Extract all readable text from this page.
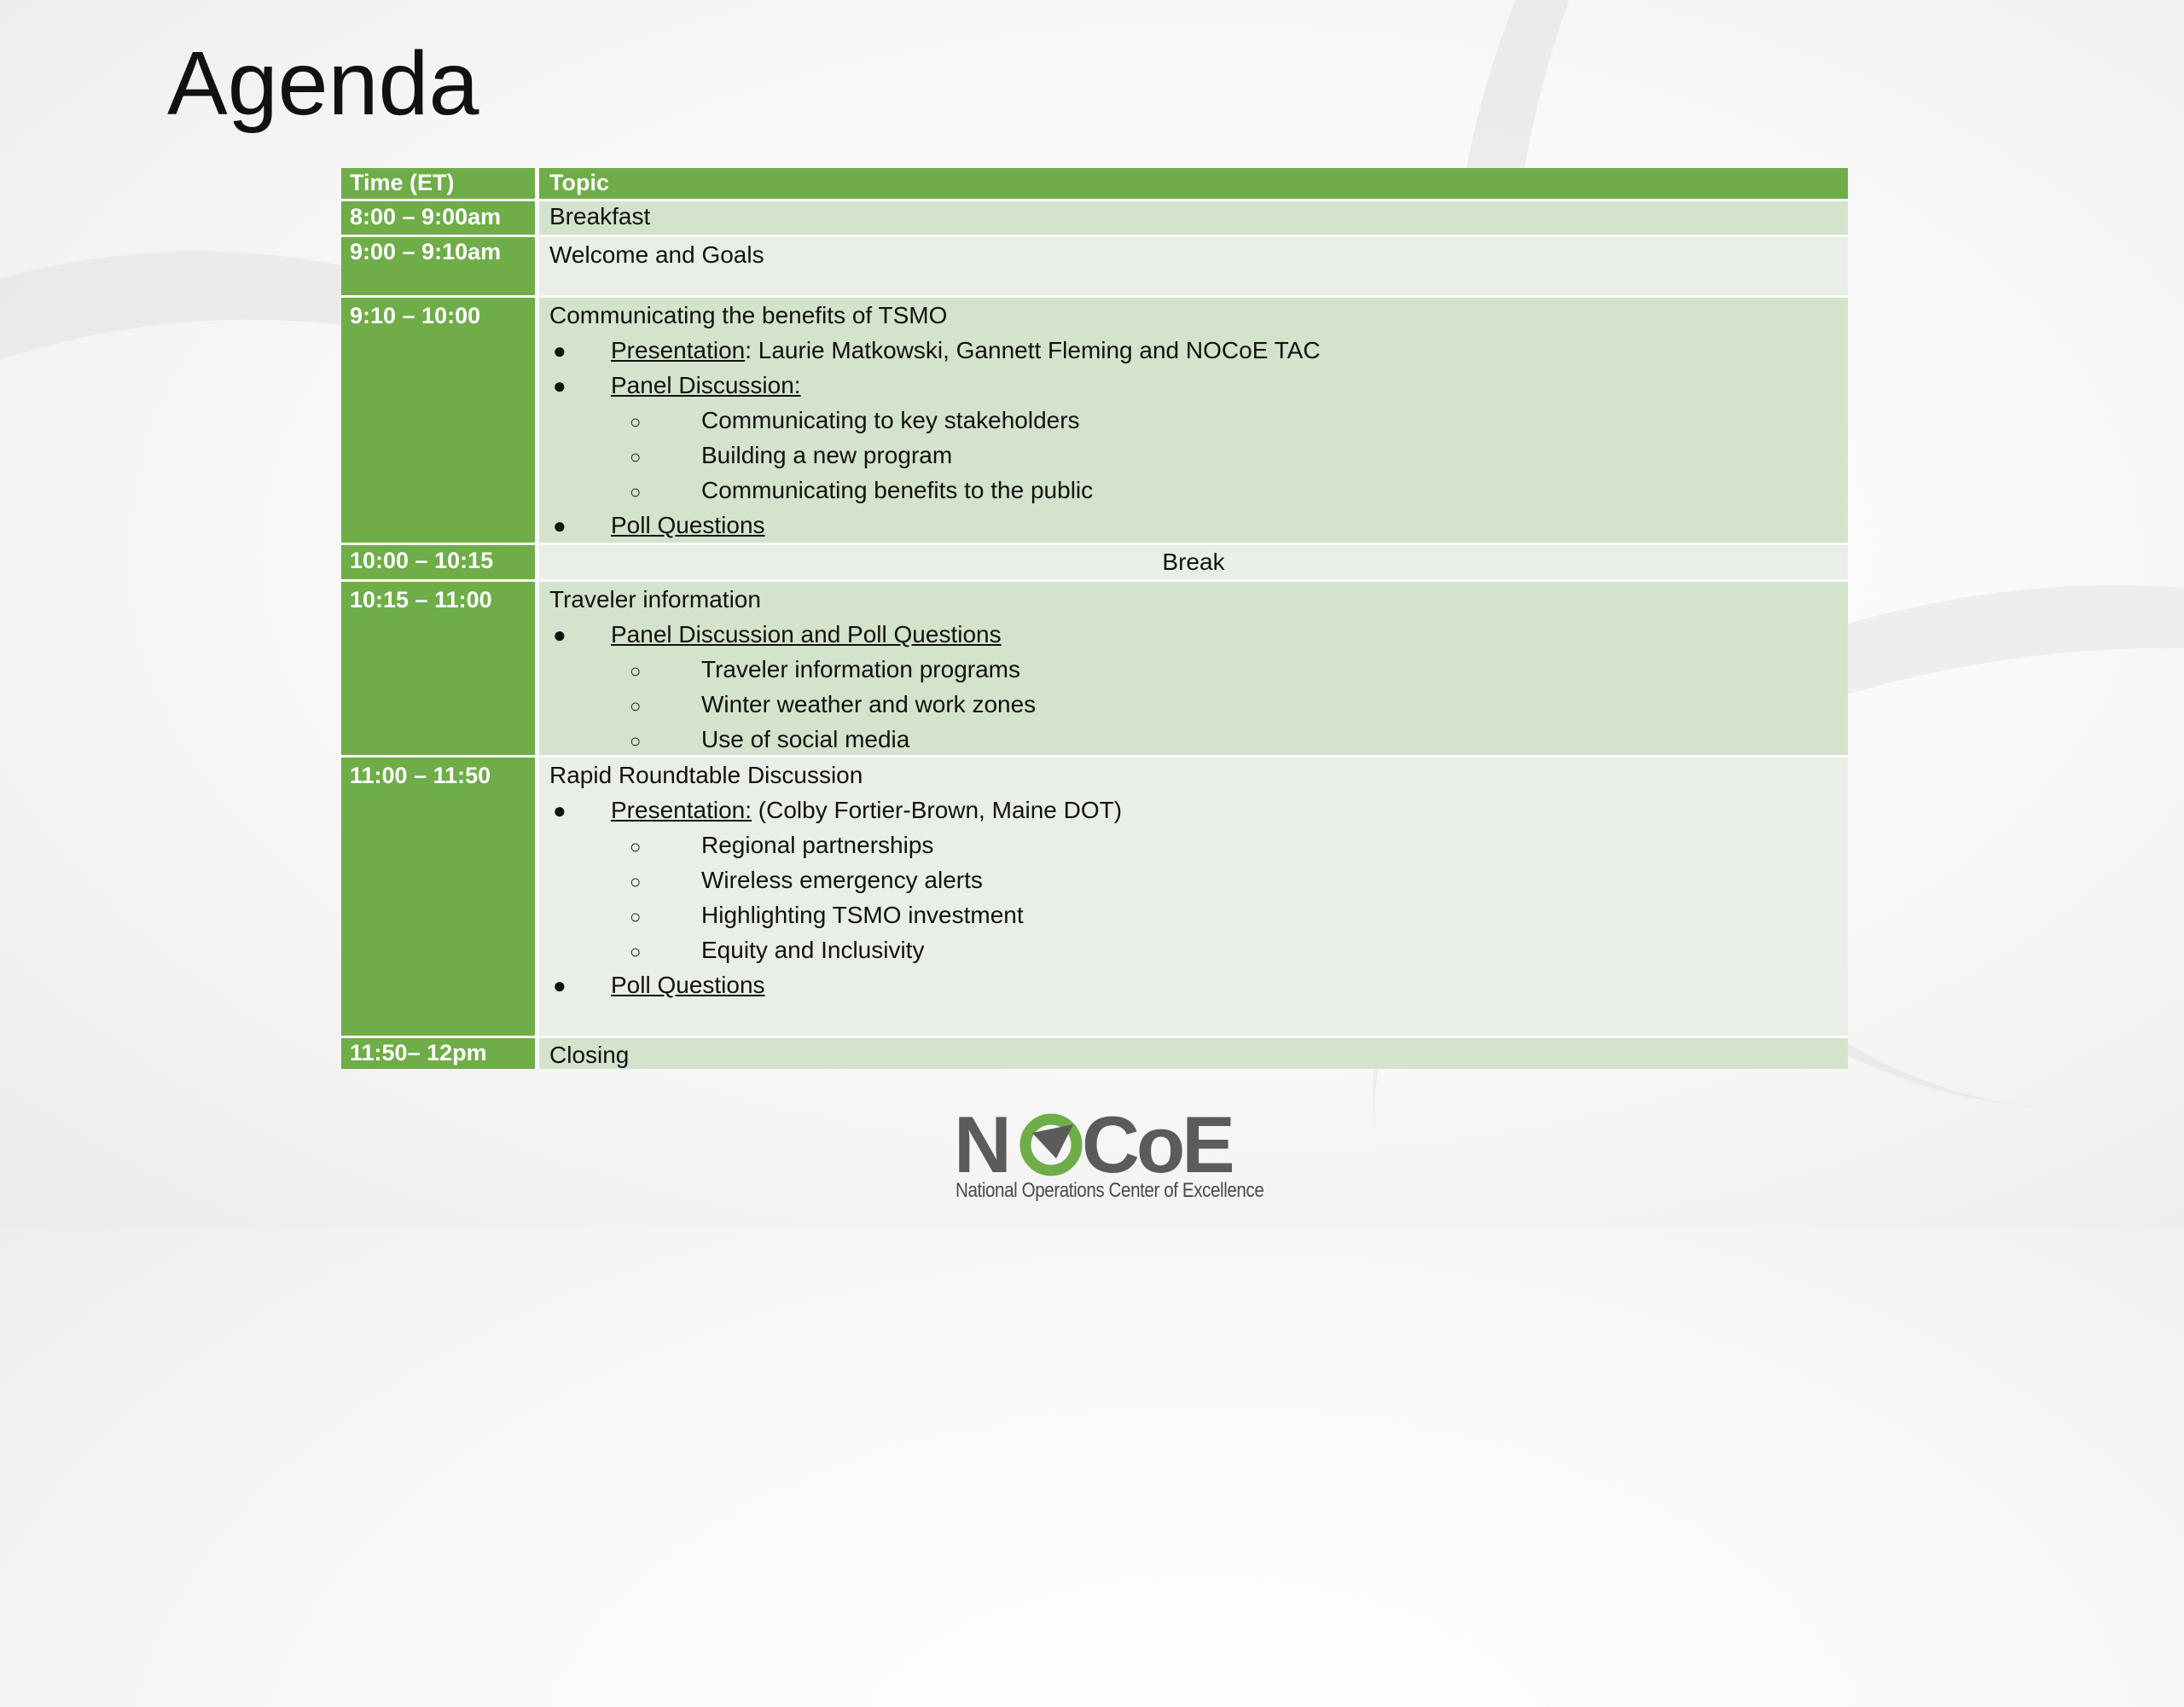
Agenda
Time (ET)	Topic
8:00 – 9:00am	Breakfast
9:00 – 9:10am	Welcome and Goals
9:10 – 10:00	Communicating the benefits of TSMO
● Presentation: Laurie Matkowski, Gannett Fleming and NOCoE TAC
● Panel Discussion:
○	Communicating to key stakeholders
○	Building a new program
○	Communicating benefits to the public
● Poll Questions
10:00 – 10:15	Break
10:15 – 11:00	Traveler information
● Panel Discussion and Poll Questions
○	Traveler information programs
○	Winter weather and work zones
○	Use of social media
11:00 – 11:50	Rapid Roundtable Discussion
● Presentation: (Colby Fortier-Brown, Maine DOT)
○	Regional partnerships
○	Wireless emergency alerts
○	Highlighting TSMO investment
○	Equity and Inclusivity
● Poll Questions
11:50– 12pm	Closing
N CoE
National Operations Center of Excellence
